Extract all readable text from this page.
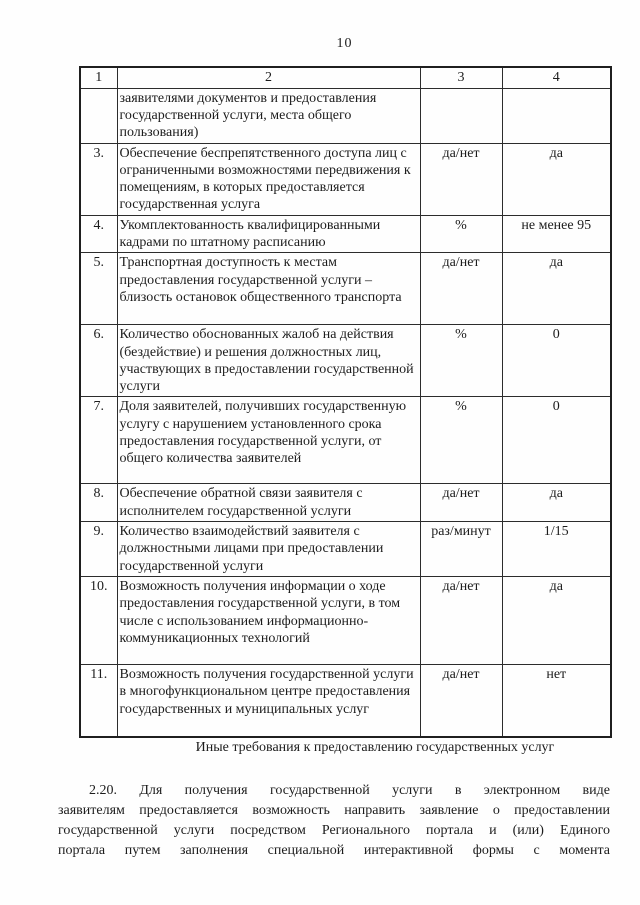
10
1	2	3	4
	заявителями документов и предоставления государственной услуги, места общего пользования)		
3.	Обеспечение беспрепятственного доступа лиц с ограниченными возможностями передвижения к помещениям, в которых предоставляется государственная услуга	да/нет	да
4.	Укомплектованность квалифицированными кадрами по штатному расписанию	%	не менее 95
5.	Транспортная доступность к местам предоставления государственной услуги – близость остановок общественного транспорта	да/нет	да
6.	Количество обоснованных жалоб на действия (бездействие) и решения должностных лиц, участвующих в предоставлении государственной услуги	%	0
7.	Доля заявителей, получивших государственную услугу с нарушением установленного срока предоставления государственной услуги, от общего количества заявителей	%	0
8.	Обеспечение обратной связи заявителя с исполнителем государственной услуги	да/нет	да
9.	Количество взаимодействий заявителя с должностными лицами при предоставлении государственной услуги	раз/минут	1/15
10.	Возможность получения информации о ходе предоставления государственной услуги, в том числе с использованием информационно-коммуникационных технологий	да/нет	да
11.	Возможность получения государственной услуги в многофункциональном центре предоставления государственных и муниципальных услуг	да/нет	нет
Иные требования к предоставлению государственных услуг
2.20. Для получения государственной услуги в электронном виде
заявителям предоставляется возможность направить заявление о предоставлении
государственной услуги посредством Регионального портала и (или) Единого
портала путем заполнения специальной интерактивной формы с момента
